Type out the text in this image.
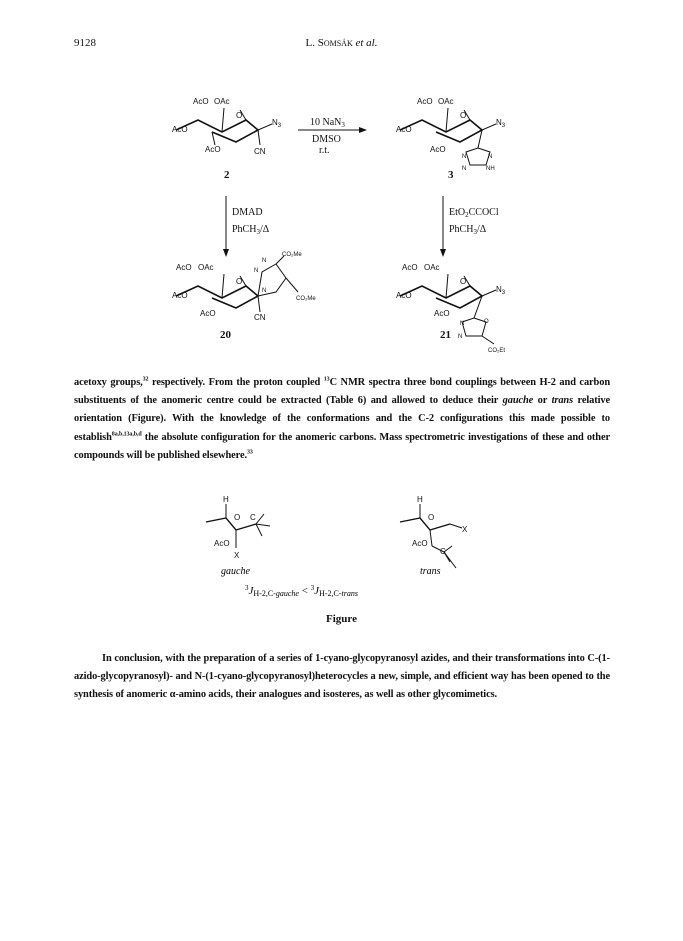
9128	L. Somsák et al.
AcO OAc
O
AcO
$N_3$
AcO	CN
2
10 NaN$_3$
DMSO
r.t.
AcO OAc
O
AcO
$N_3$
AcO
N	N
N	NH
3
DMAD
PhCH$_3$/Δ
EtO$_2$CCOCl
PhCH$_3$/Δ
AcO OAc
O
AcO
AcO	CN
N
N
N
CO₂Me
CO₂Me
20
AcO OAc
O
AcO
$N_3$
AcO
N	O
N
CO₂Et
21
acetoxy groups,$^{32}$ respectively. From the proton coupled $^{13}$C NMR spectra three bond couplings between H-2 and carbon substituents of the anomeric centre could be extracted (Table 6) and allowed to deduce their gauche or trans relative orientation (Figure). With the knowledge of the conformations and the C-2 configurations this made possible to establish$^{8a,b,13a,b,d}$ the absolute configuration for the anomeric carbons. Mass spectrometric investigations of these and other compounds will be published elsewhere.$^{33}$
H
O C
AcO
X
gauche
H
O
X
AcO
C
trans
$^3$JH-2,C-gauche < $^3$JH-2,C-trans
Figure
In conclusion, with the preparation of a series of 1-cyano-glycopyranosyl azides, and their transformations into C-(1-azido-glycopyranosyl)- and N-(1-cyano-glycopyranosyl)heterocycles a new, simple, and efficient way has been opened to the synthesis of anomeric α-amino acids, their analogues and isosteres, as well as other glycomimetics.
